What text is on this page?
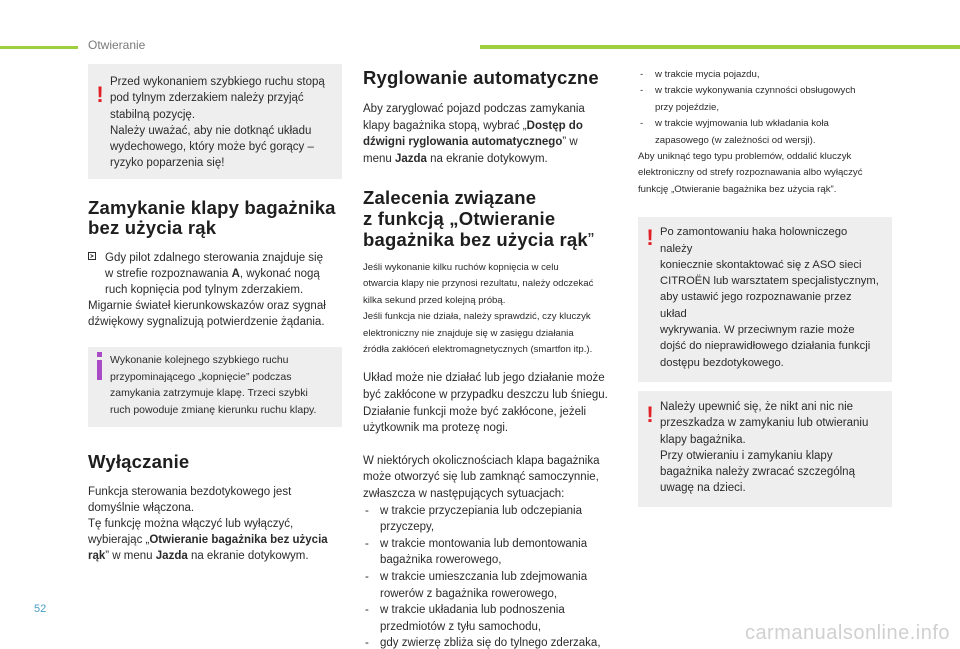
Otwieranie
! Przed wykonaniem szybkiego ruchu stopą

pod tylnym zderzakiem należy przyjąć

stabilną pozycję.

Należy uważać, aby nie dotknąć układu

wydechowego, który może być gorący –

ryzyko poparzenia się!

Zamykanie klapy bagażnika
bez użycia rąk

Gdy pilot zdalnego sterowania znajduje się

w strefie rozpoznawania A, wykonać nogą

ruch kopnięcia pod tylnym zderzakiem.

Migarnie świateł kierunkowskazów oraz sygnał

dźwiękowy sygnalizują potwierdzenie żądania.

Wykonanie kolejnego szybkiego ruchu

przypominającego „kopnięcie” podczas

zamykania zatrzymuje klapę. Trzeci szybki

ruch powoduje zmianę kierunku ruchu klapy.

Wyłączanie

Funkcja sterowania bezdotykowego jest

domyślnie włączona.

Tę funkcję można włączyć lub wyłączyć,

wybierając „Otwieranie bagażnika bez użycia

rąk” w menu Jazda na ekranie dotykowym.

Ryglowanie automatyczne

Aby zaryglować pojazd podczas zamykania

klapy bagażnika stopą, wybrać „Dostęp do

dźwigni ryglowania automatycznego” w

menu Jazda na ekranie dotykowym.

Zalecenia związane
z funkcją „Otwieranie
bagażnika bez użycia rąk”

Jeśli wykonanie kilku ruchów kopnięcia w celu

otwarcia klapy nie przynosi rezultatu, należy odczekać

kilka sekund przed kolejną próbą.

Jeśli funkcja nie działa, należy sprawdzić, czy kluczyk

elektroniczny nie znajduje się w zasięgu działania

źródła zakłóceń elektromagnetycznych (smartfon itp.).

Układ może nie działać lub jego działanie może

być zakłócone w przypadku deszczu lub śniegu.

Działanie funkcji może być zakłócone, jeżeli

użytkownik ma protezę nogi.

W niektórych okolicznościach klapa bagażnika

może otworzyć się lub zamknąć samoczynnie,

zwłaszcza w następujących sytuacjach:

- w trakcie przyczepiania lub odczepiania

przyczepy,

- w trakcie montowania lub demontowania

bagażnika rowerowego,

- w trakcie umieszczania lub zdejmowania

rowerów z bagażnika rowerowego,

- w trakcie układania lub podnoszenia

przedmiotów z tyłu samochodu,

- gdy zwierzę zbliża się do tylnego zderzaka,

- w trakcie mycia pojazdu,

- w trakcie wykonywania czynności obsługowych

przy pojeździe,

- w trakcie wyjmowania lub wkładania koła

zapasowego (w zależności od wersji).

Aby uniknąć tego typu problemów, oddalić kluczyk

elektroniczny od strefy rozpoznawania albo wyłączyć

funkcję „Otwieranie bagażnika bez użycia rąk”.

! Po zamontowaniu haka holowniczego należy

koniecznie skontaktować się z ASO sieci

CITROËN lub warsztatem specjalistycznym,

aby ustawić jego rozpoznawanie przez układ

wykrywania. W przeciwnym razie może

dojść do nieprawidłowego działania funkcji

dostępu bezdotykowego.

! Należy upewnić się, że nikt ani nic nie

przeszkadza w zamykaniu lub otwieraniu

klapy bagażnika.

Przy otwieraniu i zamykaniu klapy

bagażnika należy zwracać szczególną

uwagę na dzieci.

52
carmanualsonline.info
